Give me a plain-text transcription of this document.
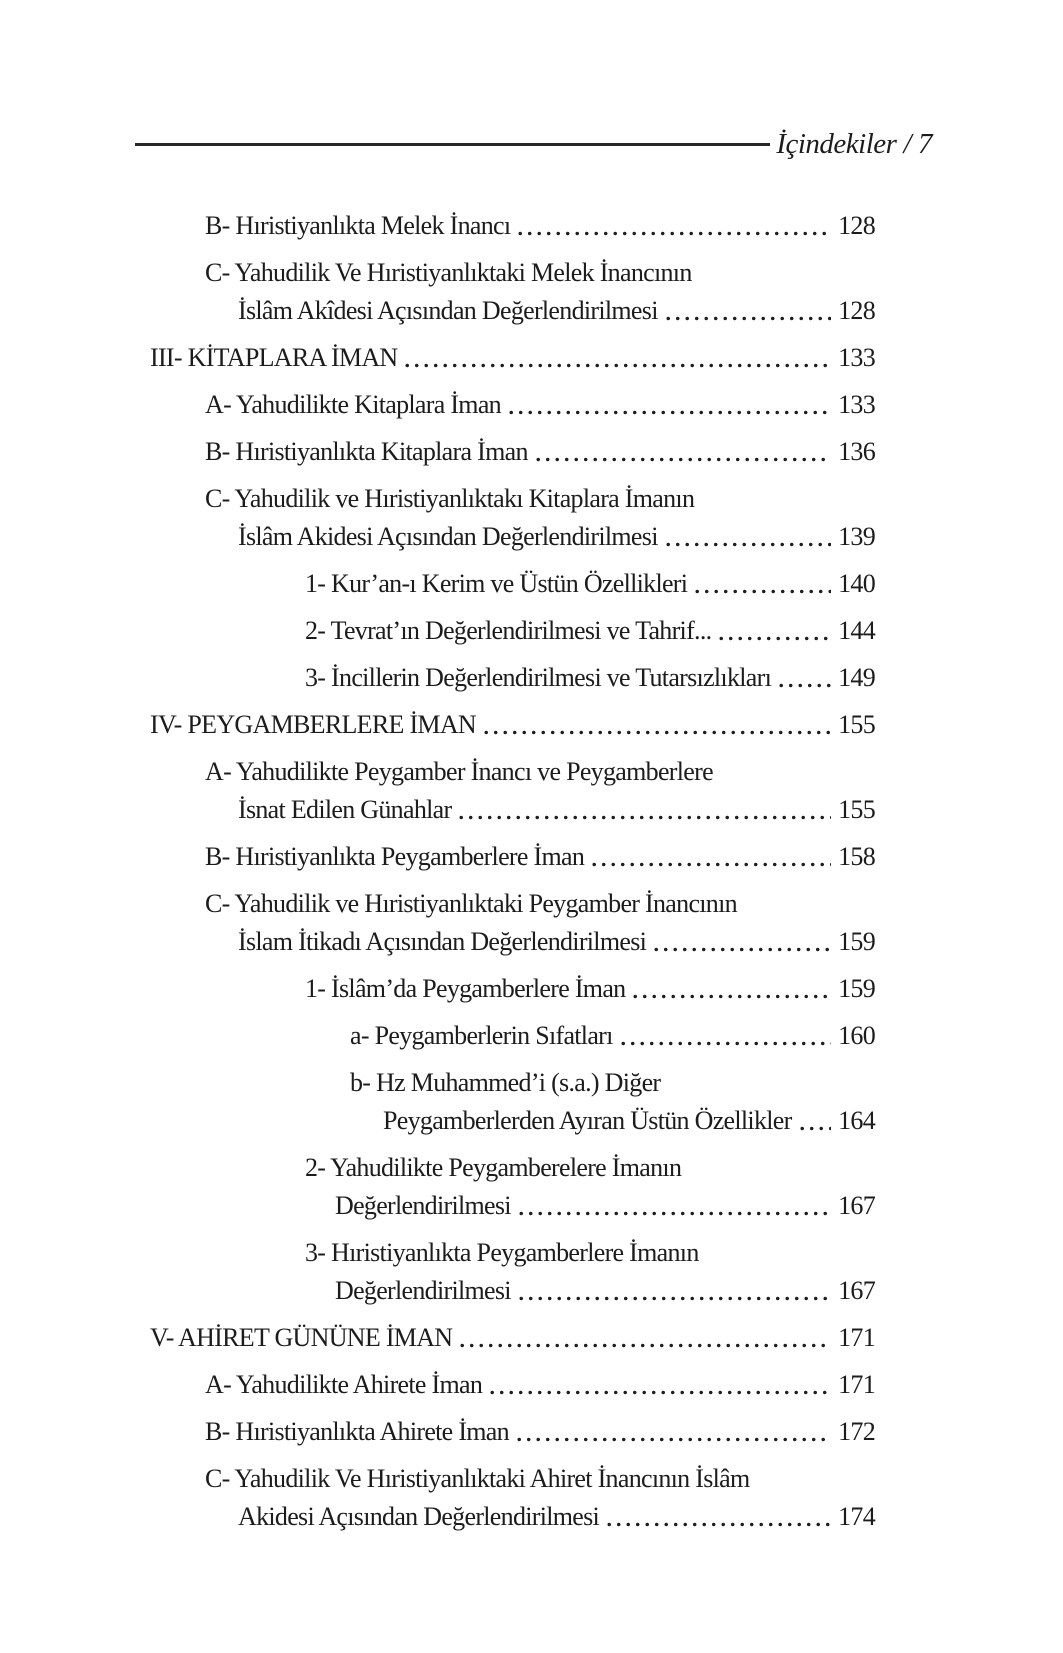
İçindekiler / 7
B- Hıristiyanlıkta Melek İnancı	128
C- Yahudilik Ve Hıristiyanlıktaki Melek İnancının
İslâm Akîdesi Açısından Değerlendirilmesi	128
III- KİTAPLARA İMAN	133
A- Yahudilikte Kitaplara İman	133
B- Hıristiyanlıkta Kitaplara İman	136
C- Yahudilik ve Hıristiyanlıktakı Kitaplara İmanın
İslâm Akidesi Açısından Değerlendirilmesi	139
1- Kur’an-ı Kerim ve Üstün Özellikleri	140
2- Tevrat’ın Değerlendirilmesi ve Tahrif...	144
3- İncillerin Değerlendirilmesi ve Tutarsızlıkları	149
IV- PEYGAMBERLERE İMAN	155
A- Yahudilikte Peygamber İnancı ve Peygamberlere
İsnat Edilen Günahlar	155
B- Hıristiyanlıkta Peygamberlere İman	158
C- Yahudilik ve Hıristiyanlıktaki Peygamber İnancının
İslam İtikadı Açısından Değerlendirilmesi	159
1- İslâm’da Peygamberlere İman	159
a- Peygamberlerin Sıfatları	160
b- Hz Muhammed’i (s.a.) Diğer
Peygamberlerden Ayıran Üstün Özellikler 164
2- Yahudilikte Peygamberelere İmanın
Değerlendirilmesi	167
3- Hıristiyanlıkta Peygamberlere İmanın
Değerlendirilmesi	167
V- AHİRET GÜNÜNE İMAN	171
A- Yahudilikte Ahirete İman	171
B- Hıristiyanlıkta Ahirete İman	172
C- Yahudilik Ve Hıristiyanlıktaki Ahiret İnancının İslâm
Akidesi Açısından Değerlendirilmesi	174
